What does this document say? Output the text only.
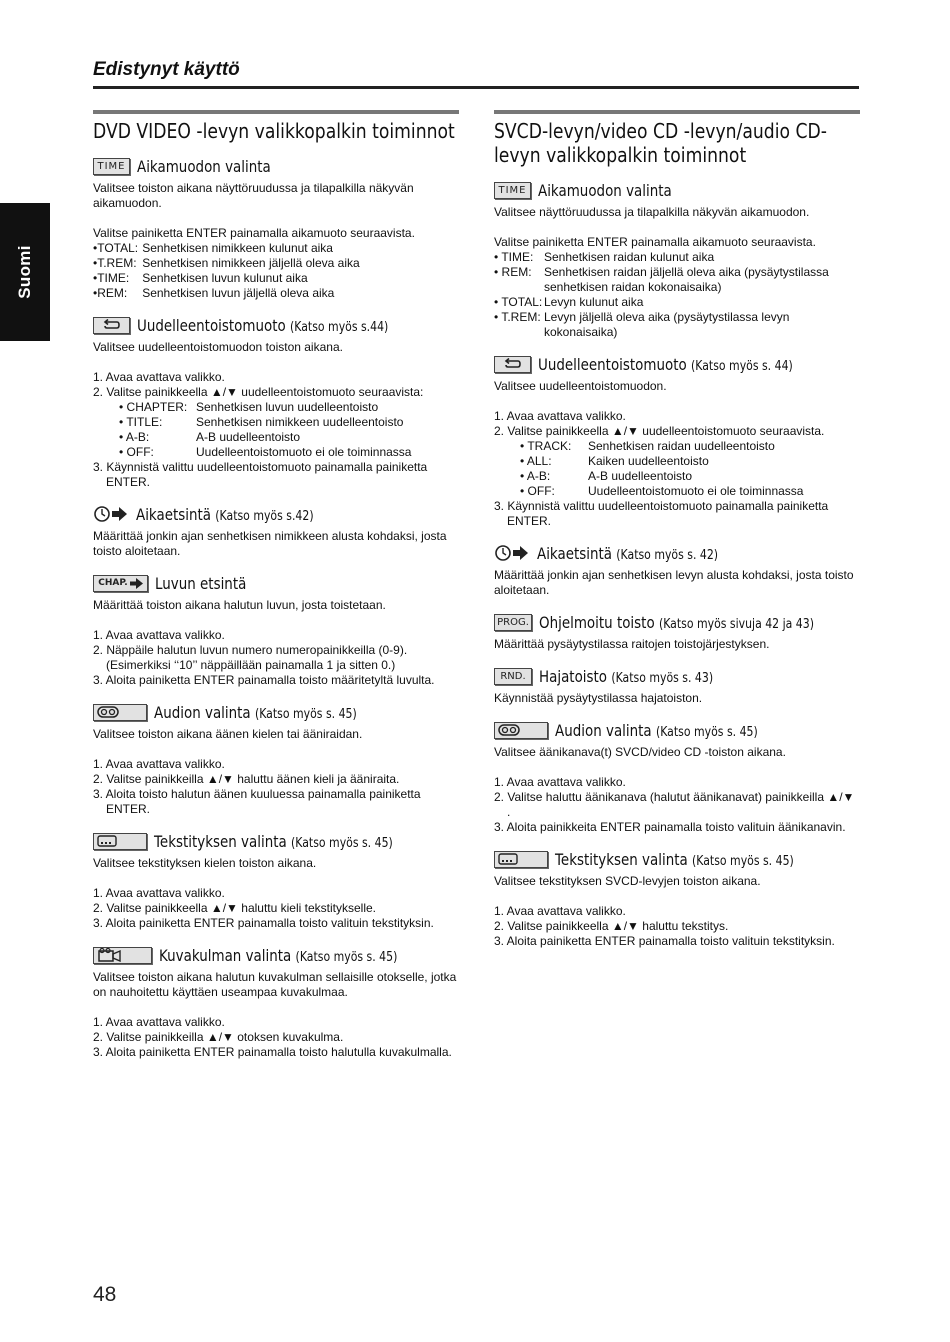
Edistynyt käyttö
Suomi
DVD VIDEO -levyn valikkopalkin toiminnot
TIME Aikamuodon valinta

Valitsee toiston aikana näyttöruudussa ja tilapalkilla näkyvän aikamuodon.

Valitse painiketta ENTER painamalla aikamuoto seuraavista.

• TOTAL: Senhetkisen nimikkeen kulunut aika
• T.REM: Senhetkisen nimikkeen jäljellä oleva aika
• TIME:	Senhetkisen luvun kulunut aika
• REM:	Senhetkisen luvun jäljellä oleva aika
Uudelleentoistomuoto (Katso myös s.44)

Valitsee uudelleentoistomuodon toiston aikana.

1. Avaa avattava valikko.
2. Valitse painikkeella ▲/▼ uudelleentoistomuoto seuraavista:
• CHAPTER: Senhetkisen luvun uudelleentoisto
• TITLE:	Senhetkisen nimikkeen uudelleentoisto
• A-B:	A-B uudelleentoisto
• OFF:	Uudelleentoistomuoto ei ole toiminnassa
3. Käynnistä valittu uudelleentoistomuoto painamalla painiketta ENTER.
Aikaetsintä (Katso myös s.42)

Määrittää jonkin ajan senhetkisen nimikkeen alusta kohdaksi, josta toisto aloitetaan.

CHAP. Luvun etsintä

Määrittää toiston aikana halutun luvun, josta toistetaan.

1. Avaa avattava valikko.
2. Näppäile halutun luvun numero numeropainikkeilla (0-9). (Esimerkiksi ‘‘10’’ näppäillään painamalla 1 ja sitten 0.)
3. Aloita painiketta ENTER painamalla toisto määritetyltä luvulta.
Audion valinta (Katso myös s. 45)

Valitsee toiston aikana äänen kielen tai ääniraidan.

1. Avaa avattava valikko.
2. Valitse painikkeilla ▲/▼ haluttu äänen kieli ja ääniraita.
3. Aloita toisto halutun äänen kuuluessa painamalla painiketta ENTER.
Tekstityksen valinta (Katso myös s. 45)

Valitsee tekstityksen kielen toiston aikana.

1. Avaa avattava valikko.
2. Valitse painikkeella ▲/▼ haluttu kieli tekstitykselle.
3. Aloita painiketta ENTER painamalla toisto valituin tekstityksin.
Kuvakulman valinta (Katso myös s. 45)

Valitsee toiston aikana halutun kuvakulman sellaisille otokselle, jotka on nauhoitettu käyttäen useampaa kuvakulmaa.

1. Avaa avattava valikko.
2. Valitse painikkeilla ▲/▼ otoksen kuvakulma.
3. Aloita painiketta ENTER painamalla toisto halutulla kuvakulmalla.
SVCD-levyn/video CD -levyn/audio CD- levyn valikkopalkin toiminnot
TIME Aikamuodon valinta

Valitsee näyttöruudussa ja tilapalkilla näkyvän aikamuodon.

Valitse painiketta ENTER painamalla aikamuoto seuraavista.

• TIME: Senhetkisen raidan kulunut aika
• REM:	Senhetkisen raidan jäljellä oleva aika (pysäytystilassa senhetkisen raidan kokonaisaika)
• TOTAL: Levyn kulunut aika
• T.REM: Levyn jäljellä oleva aika (pysäytystilassa levyn kokonaisaika)
Uudelleentoistomuoto (Katso myös s. 44)

Valitsee uudelleentoistomuodon.

1. Avaa avattava valikko.
2. Valitse painikkeella ▲/▼ uudelleentoistomuoto seuraavista.
• TRACK:	Senhetkisen raidan uudelleentoisto
• ALL:	Kaiken uudelleentoisto
• A-B:	A-B uudelleentoisto
• OFF:	Uudelleentoistomuoto ei ole toiminnassa
3. Käynnistä valittu uudelleentoistomuoto painamalla painiketta ENTER.
Aikaetsintä (Katso myös s. 42)

Määrittää jonkin ajan senhetkisen levyn alusta kohdaksi, josta toisto aloitetaan.

PROG. Ohjelmoitu toisto (Katso myös sivuja 42 ja 43)

Määrittää pysäytystilassa raitojen toistojärjestyksen.

RND. Hajatoisto (Katso myös s. 43)

Käynnistää pysäytystilassa hajatoiston.

Audion valinta (Katso myös s. 45)

Valitsee äänikanava(t) SVCD/video CD -toiston aikana.

1. Avaa avattava valikko.
2. Valitse haluttu äänikanava (halutut äänikanavat) painikkeilla ▲/▼ .
3. Aloita painikkeita ENTER painamalla toisto valituin äänikanavin.
Tekstityksen valinta (Katso myös s. 45)

Valitsee tekstityksen SVCD-levyjen toiston aikana.

1. Avaa avattava valikko.
2. Valitse painikkeella ▲/▼ haluttu tekstitys.
3. Aloita painiketta ENTER painamalla toisto valituin tekstityksin.
48
